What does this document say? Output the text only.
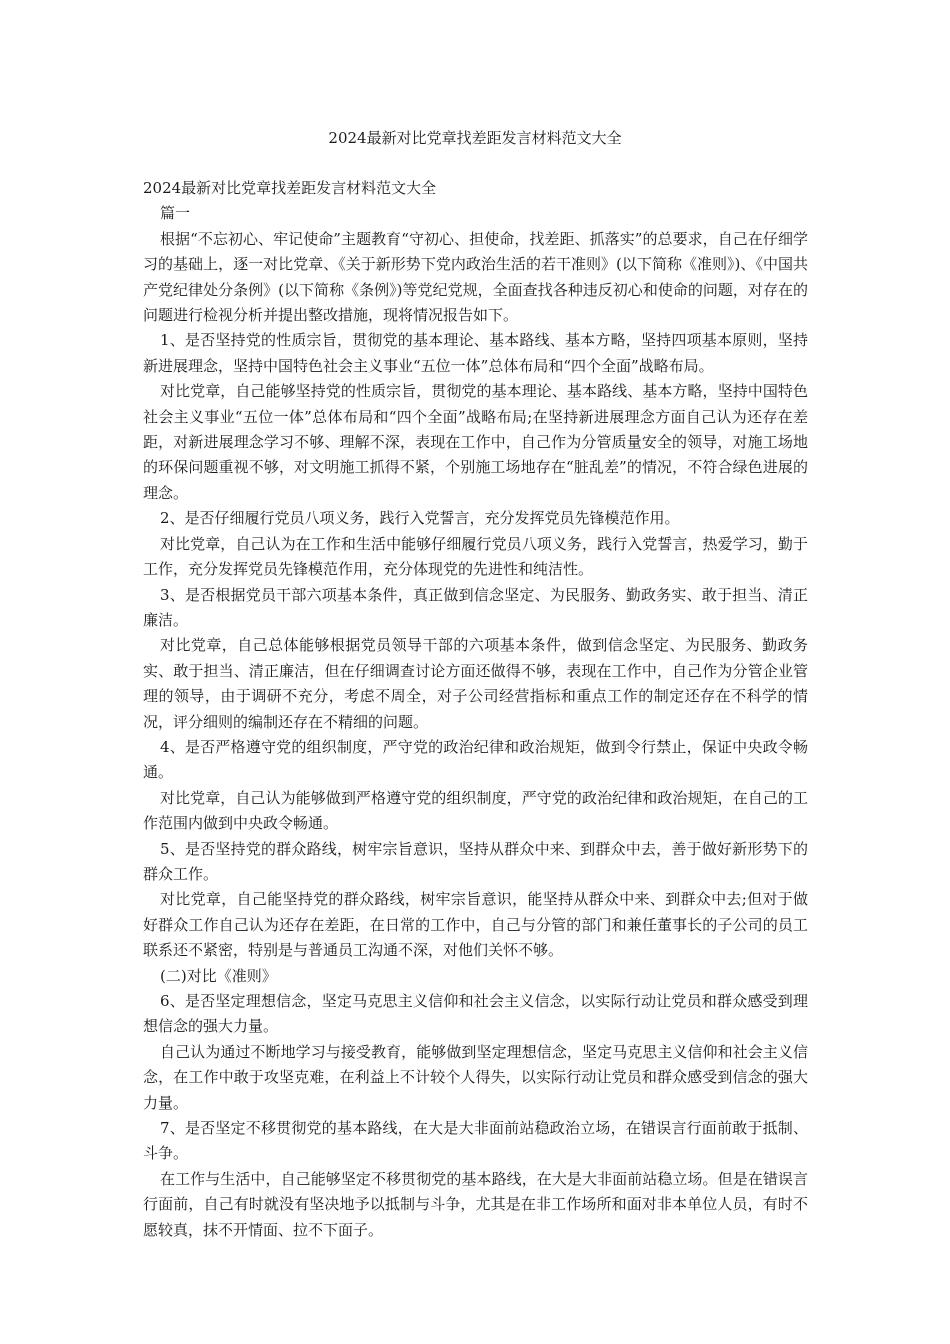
2024最新对比党章找差距发言材料范文大全

2024最新对比党章找差距发言材料范文大全

篇一

根据“不忘初心、牢记使命”主题教育“守初心、担使命，找差距、抓落实”的总要求，自己在仔细学习的基础上，逐一对比党章、《关于新形势下党内政治生活的若干准则》(以下简称《准则》)、《中国共产党纪律处分条例》(以下简称《条例》)等党纪党规，全面查找各种违反初心和使命的问题，对存在的问题进行检视分析并提出整改措施，现将情况报告如下。

1、是否坚持党的性质宗旨，贯彻党的基本理论、基本路线、基本方略，坚持四项基本原则，坚持新进展理念，坚持中国特色社会主义事业“五位一体”总体布局和“四个全面”战略布局。

对比党章，自己能够坚持党的性质宗旨，贯彻党的基本理论、基本路线、基本方略，坚持中国特色社会主义事业“五位一体”总体布局和“四个全面”战略布局;在坚持新进展理念方面自己认为还存在差距，对新进展理念学习不够、理解不深，表现在工作中，自己作为分管质量安全的领导，对施工场地的环保问题重视不够，对文明施工抓得不紧，个别施工场地存在“脏乱差”的情况，不符合绿色进展的理念。

2、是否仔细履行党员八项义务，践行入党誓言，充分发挥党员先锋模范作用。

对比党章，自己认为在工作和生活中能够仔细履行党员八项义务，践行入党誓言，热爱学习，勤于工作，充分发挥党员先锋模范作用，充分体现党的先进性和纯洁性。

3、是否根据党员干部六项基本条件，真正做到信念坚定、为民服务、勤政务实、敢于担当、清正廉洁。

对比党章，自己总体能够根据党员领导干部的六项基本条件，做到信念坚定、为民服务、勤政务实、敢于担当、清正廉洁，但在仔细调查讨论方面还做得不够，表现在工作中，自己作为分管企业管理的领导，由于调研不充分，考虑不周全，对子公司经营指标和重点工作的制定还存在不科学的情况，评分细则的编制还存在不精细的问题。

4、是否严格遵守党的组织制度，严守党的政治纪律和政治规矩，做到令行禁止，保证中央政令畅通。

对比党章，自己认为能够做到严格遵守党的组织制度，严守党的政治纪律和政治规矩，在自己的工作范围内做到中央政令畅通。

5、是否坚持党的群众路线，树牢宗旨意识，坚持从群众中来、到群众中去，善于做好新形势下的群众工作。

对比党章，自己能坚持党的群众路线，树牢宗旨意识，能坚持从群众中来、到群众中去;但对于做好群众工作自己认为还存在差距，在日常的工作中，自己与分管的部门和兼任董事长的子公司的员工联系还不紧密，特别是与普通员工沟通不深，对他们关怀不够。

(二)对比《准则》

6、是否坚定理想信念，坚定马克思主义信仰和社会主义信念，以实际行动让党员和群众感受到理想信念的强大力量。

自己认为通过不断地学习与接受教育，能够做到坚定理想信念，坚定马克思主义信仰和社会主义信念，在工作中敢于攻坚克难，在利益上不计较个人得失，以实际行动让党员和群众感受到信念的强大力量。

7、是否坚定不移贯彻党的基本路线，在大是大非面前站稳政治立场，在错误言行面前敢于抵制、斗争。

在工作与生活中，自己能够坚定不移贯彻党的基本路线，在大是大非面前站稳立场。但是在错误言行面前，自己有时就没有坚决地予以抵制与斗争，尤其是在非工作场所和面对非本单位人员，有时不愿较真，抹不开情面、拉不下面子。
